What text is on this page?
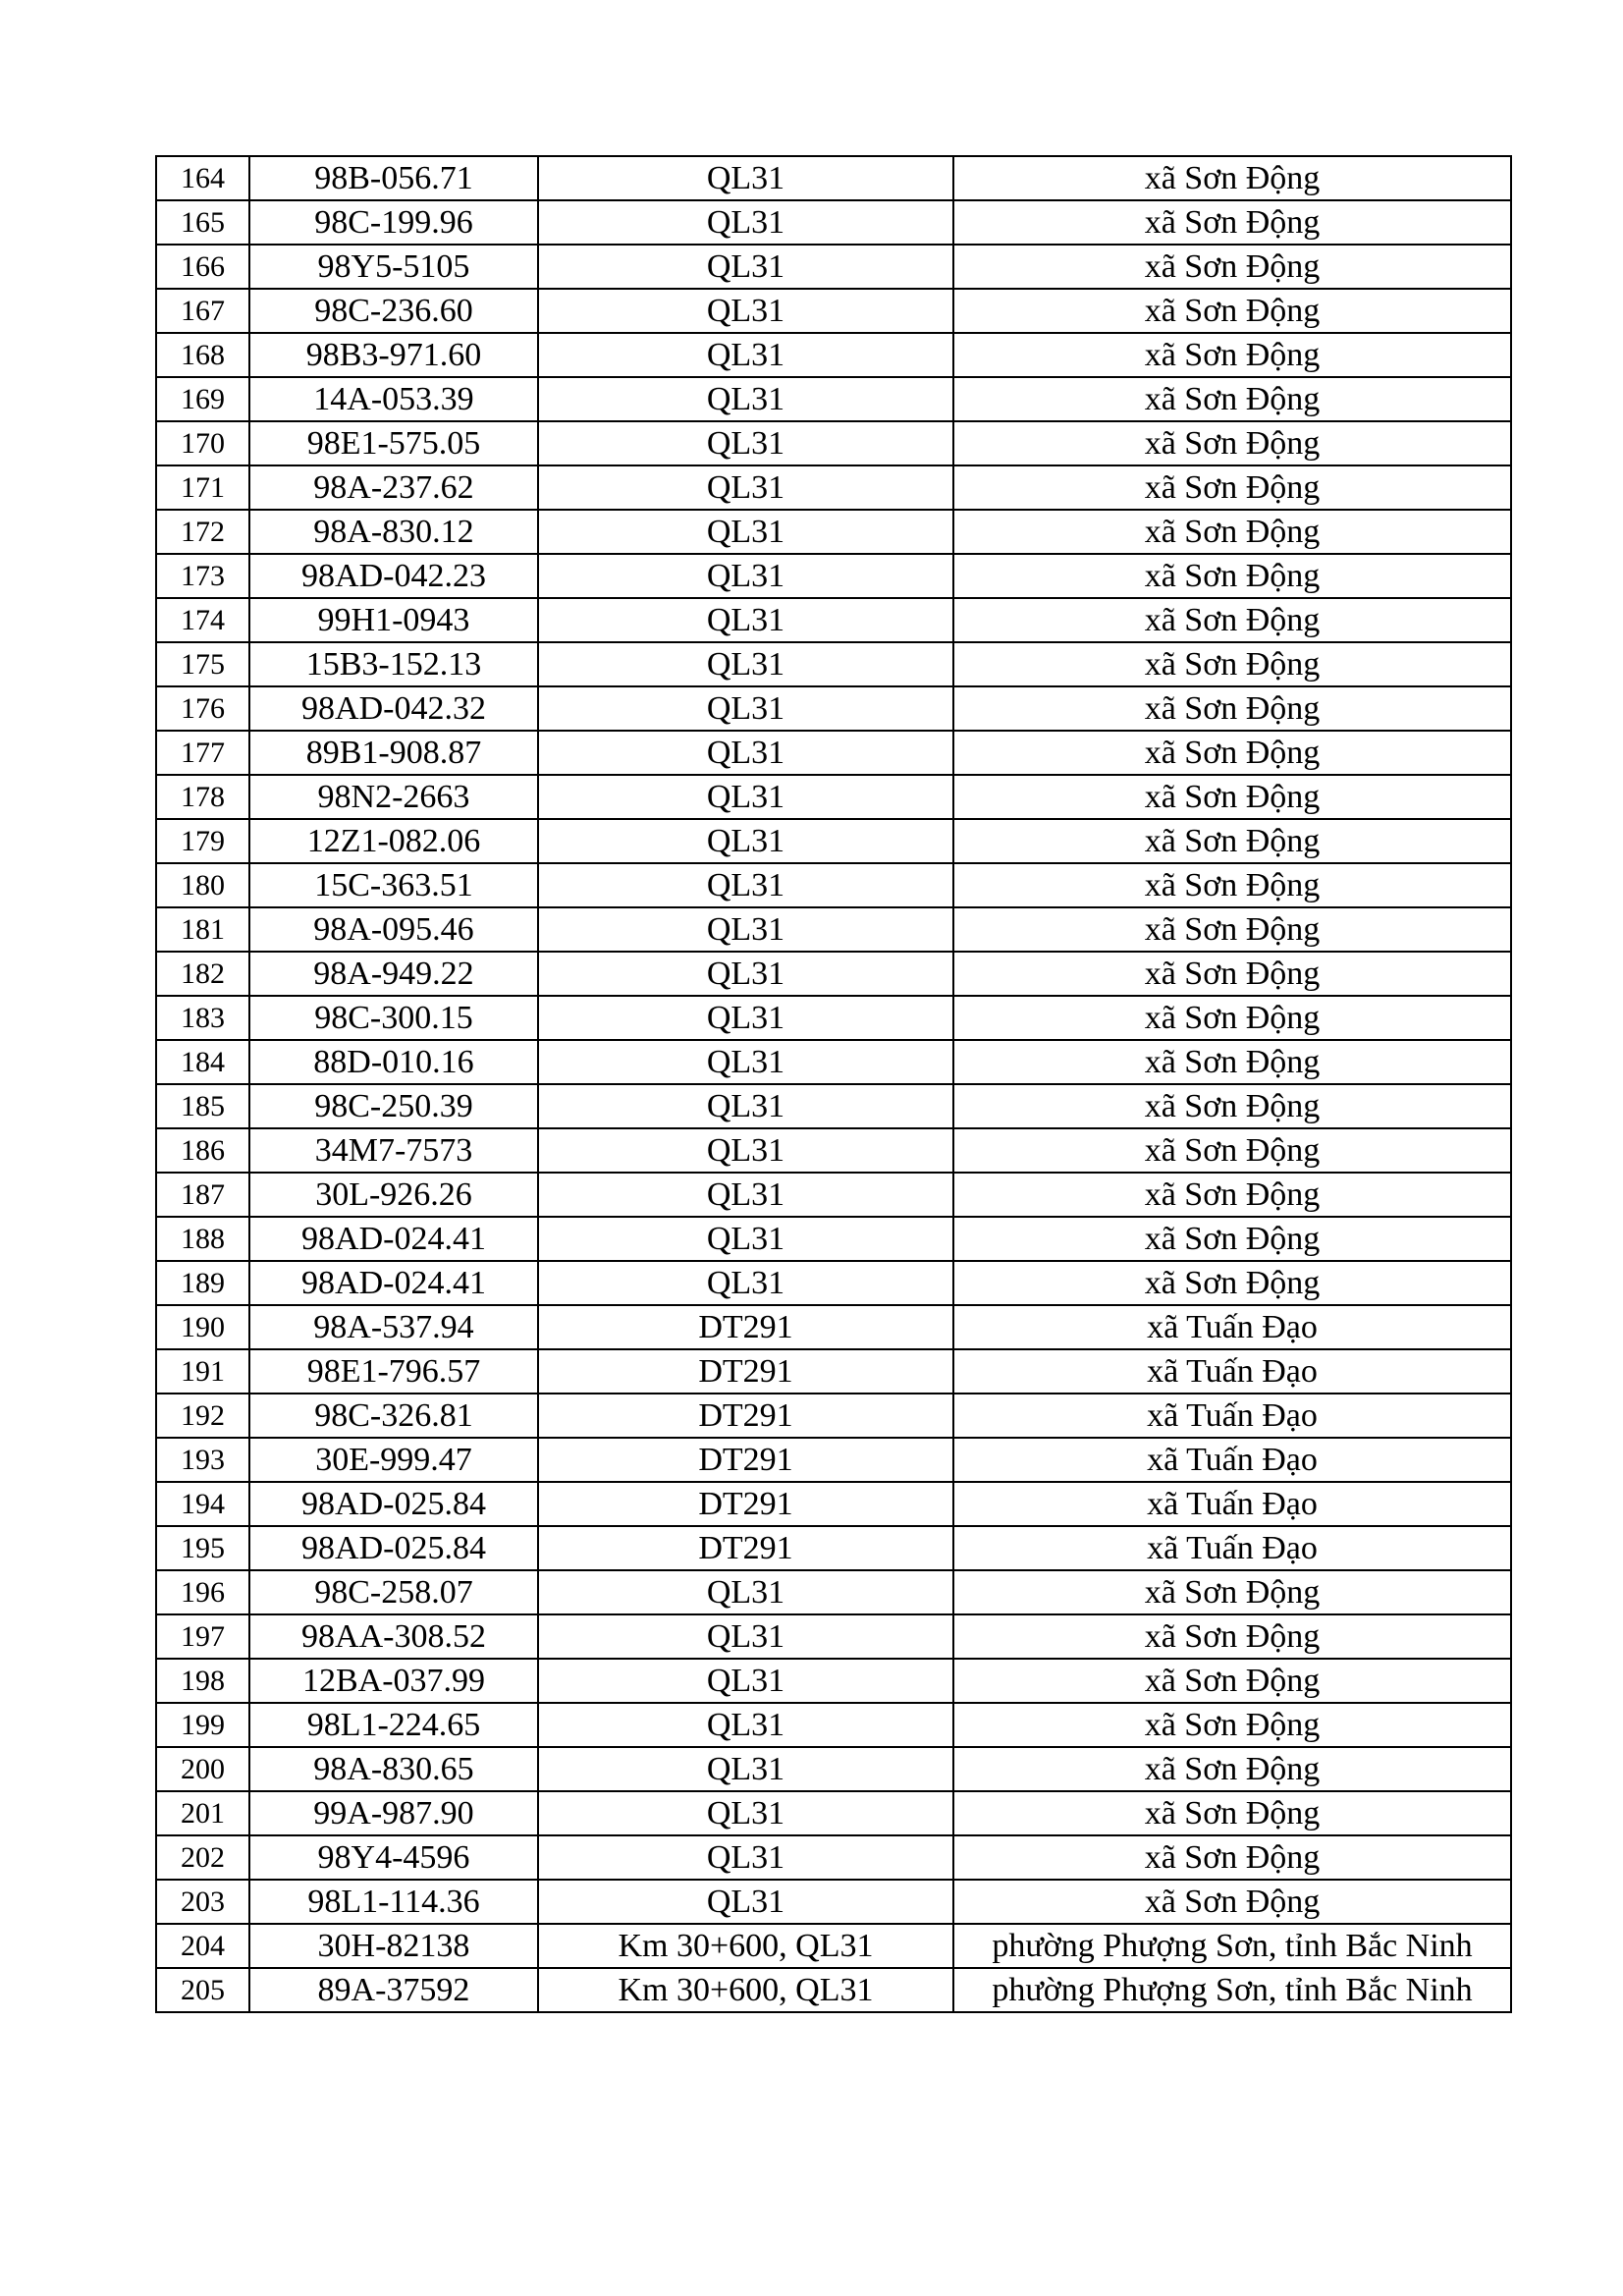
164	98B-056.71	QL31	xã Sơn Động
165	98C-199.96	QL31	xã Sơn Động
166	98Y5-5105	QL31	xã Sơn Động
167	98C-236.60	QL31	xã Sơn Động
168	98B3-971.60	QL31	xã Sơn Động
169	14A-053.39	QL31	xã Sơn Động
170	98E1-575.05	QL31	xã Sơn Động
171	98A-237.62	QL31	xã Sơn Động
172	98A-830.12	QL31	xã Sơn Động
173	98AD-042.23	QL31	xã Sơn Động
174	99H1-0943	QL31	xã Sơn Động
175	15B3-152.13	QL31	xã Sơn Động
176	98AD-042.32	QL31	xã Sơn Động
177	89B1-908.87	QL31	xã Sơn Động
178	98N2-2663	QL31	xã Sơn Động
179	12Z1-082.06	QL31	xã Sơn Động
180	15C-363.51	QL31	xã Sơn Động
181	98A-095.46	QL31	xã Sơn Động
182	98A-949.22	QL31	xã Sơn Động
183	98C-300.15	QL31	xã Sơn Động
184	88D-010.16	QL31	xã Sơn Động
185	98C-250.39	QL31	xã Sơn Động
186	34M7-7573	QL31	xã Sơn Động
187	30L-926.26	QL31	xã Sơn Động
188	98AD-024.41	QL31	xã Sơn Động
189	98AD-024.41	QL31	xã Sơn Động
190	98A-537.94	DT291	xã Tuấn Đạo
191	98E1-796.57	DT291	xã Tuấn Đạo
192	98C-326.81	DT291	xã Tuấn Đạo
193	30E-999.47	DT291	xã Tuấn Đạo
194	98AD-025.84	DT291	xã Tuấn Đạo
195	98AD-025.84	DT291	xã Tuấn Đạo
196	98C-258.07	QL31	xã Sơn Động
197	98AA-308.52	QL31	xã Sơn Động
198	12BA-037.99	QL31	xã Sơn Động
199	98L1-224.65	QL31	xã Sơn Động
200	98A-830.65	QL31	xã Sơn Động
201	99A-987.90	QL31	xã Sơn Động
202	98Y4-4596	QL31	xã Sơn Động
203	98L1-114.36	QL31	xã Sơn Động
204	30H-82138	Km 30+600, QL31	phường Phượng Sơn, tỉnh Bắc Ninh
205	89A-37592	Km 30+600, QL31	phường Phượng Sơn, tỉnh Bắc Ninh
